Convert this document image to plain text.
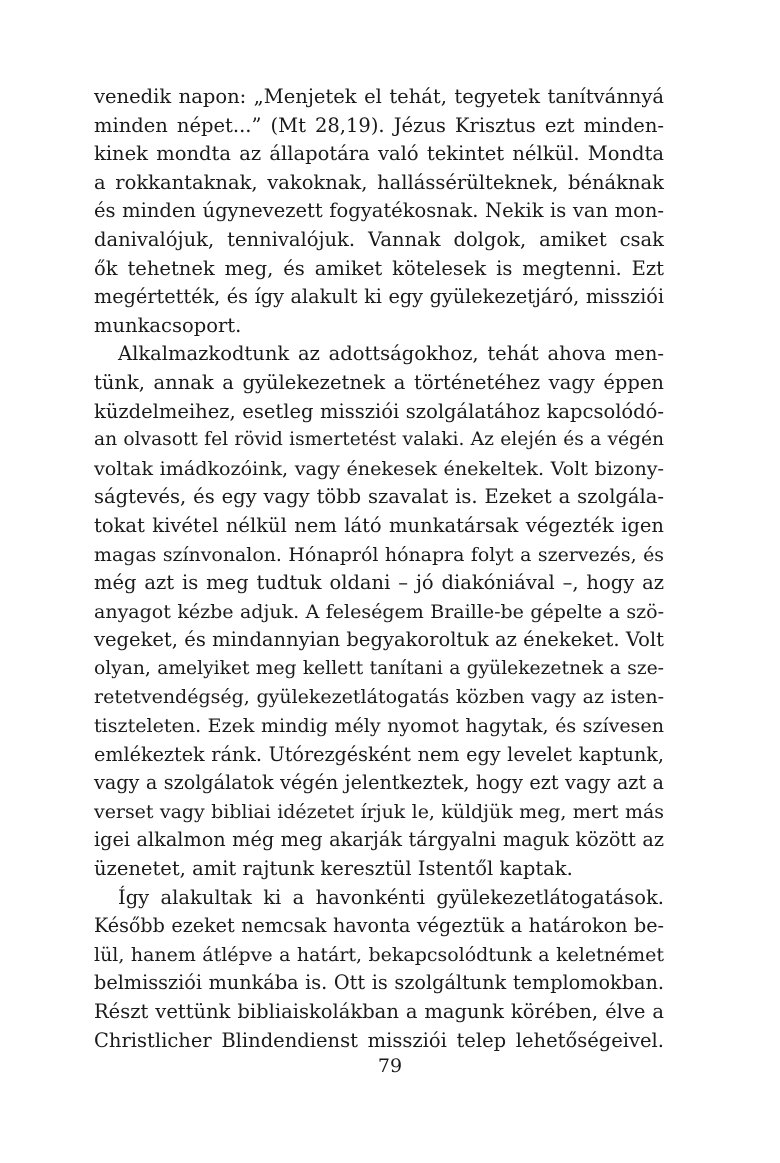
venedik napon: „Menjetek el tehát, tegyetek tanítvánnyá
minden népet...” (Mt 28,19). Jézus Krisztus ezt minden-
kinek mondta az állapotára való tekintet nélkül. Mondta
a rokkantaknak, vakoknak, hallássérülteknek, bénáknak
és minden úgynevezett fogyatékosnak. Nekik is van mon-
danivalójuk, tennivalójuk. Vannak dolgok, amiket csak
ők tehetnek meg, és amiket kötelesek is megtenni. Ezt
megértették, és így alakult ki egy gyülekezetjáró, missziói
munkacsoport.
Alkalmazkodtunk az adottságokhoz, tehát ahova men-
tünk, annak a gyülekezetnek a történetéhez vagy éppen
küzdelmeihez, esetleg missziói szolgálatához kapcsolódó-
an olvasott fel rövid ismertetést valaki. Az elején és a végén
voltak imádkozóink, vagy énekesek énekeltek. Volt bizony-
ságtevés, és egy vagy több szavalat is. Ezeket a szolgála-
tokat kivétel nélkül nem látó munkatársak végezték igen
magas színvonalon. Hónapról hónapra folyt a szervezés, és
még azt is meg tudtuk oldani – jó diakóniával –, hogy az
anyagot kézbe adjuk. A feleségem Braille-be gépelte a szö-
vegeket, és mindannyian begyakoroltuk az énekeket. Volt
olyan, amelyiket meg kellett tanítani a gyülekezetnek a sze-
retetvendégség, gyülekezetlátogatás közben vagy az isten-
tiszteleten. Ezek mindig mély nyomot hagytak, és szívesen
emlékeztek ránk. Utórezgésként nem egy levelet kaptunk,
vagy a szolgálatok végén jelentkeztek, hogy ezt vagy azt a
verset vagy bibliai idézetet írjuk le, küldjük meg, mert más
igei alkalmon még meg akarják tárgyalni maguk között az
üzenetet, amit rajtunk keresztül Istentől kaptak.
Így alakultak ki a havonkénti gyülekezetlátogatások.
Később ezeket nemcsak havonta végeztük a határokon be-
lül, hanem átlépve a határt, bekapcsolódtunk a keletnémet
belmissziói munkába is. Ott is szolgáltunk templomokban.
Részt vettünk bibliaiskolákban a magunk körében, élve a
Christlicher Blindendienst missziói telep lehetőségeivel.
79
